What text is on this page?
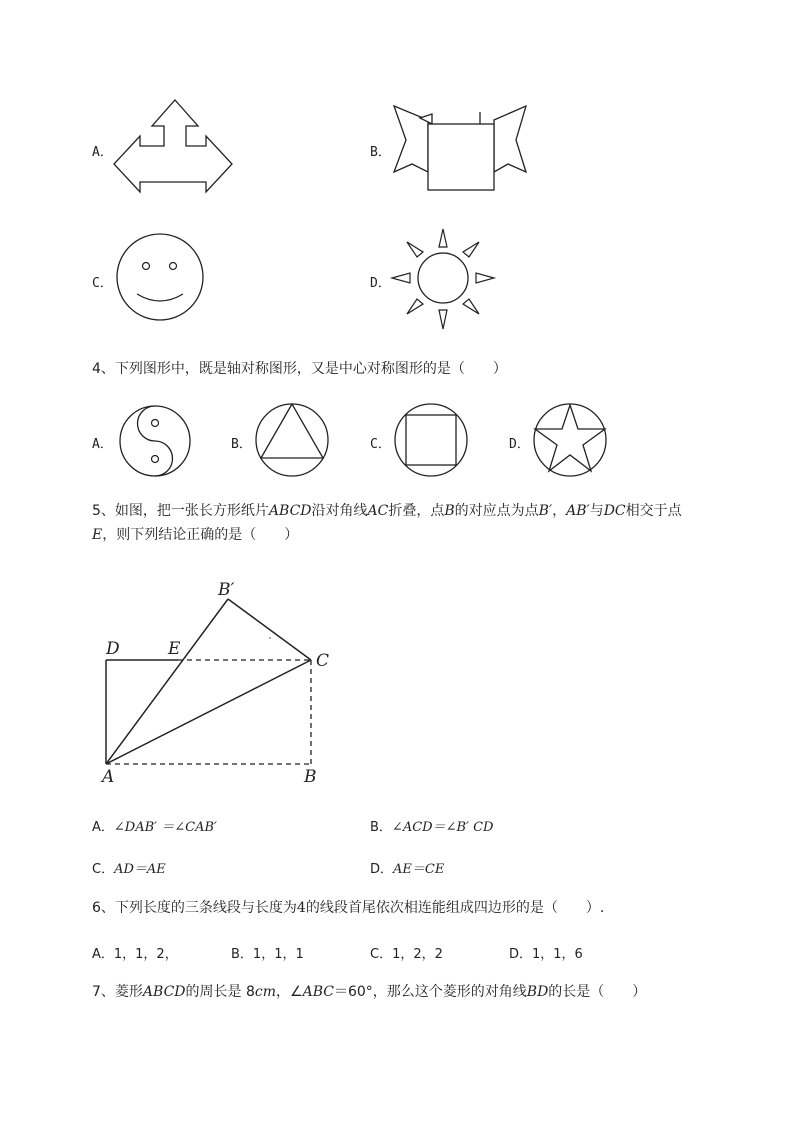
A．	B．
C．	D．
4、下列图形中，既是轴对称图形，又是中心对称图形的是（　　）
A．	B．	C．	D．
5、如图，把一张长方形纸片ABCD沿对角线AC折叠，点B的对应点为点B′，AB′与DC相交于点
E，则下列结论正确的是（　　）
B′
D	E
C
A	B
A．∠DAB′ ＝∠CAB′	B．∠ACD＝∠B′ CD
C．AD＝AE	D．AE＝CE
6、下列长度的三条线段与长度为4的线段首尾依次相连能组成四边形的是（　　）.
A．1，1，2，	B．1，1，1	C．1，2，2	D．1，1，6
7、菱形ABCD的周长是 8cm，∠ABC＝60°，那么这个菱形的对角线BD的长是（　　）
